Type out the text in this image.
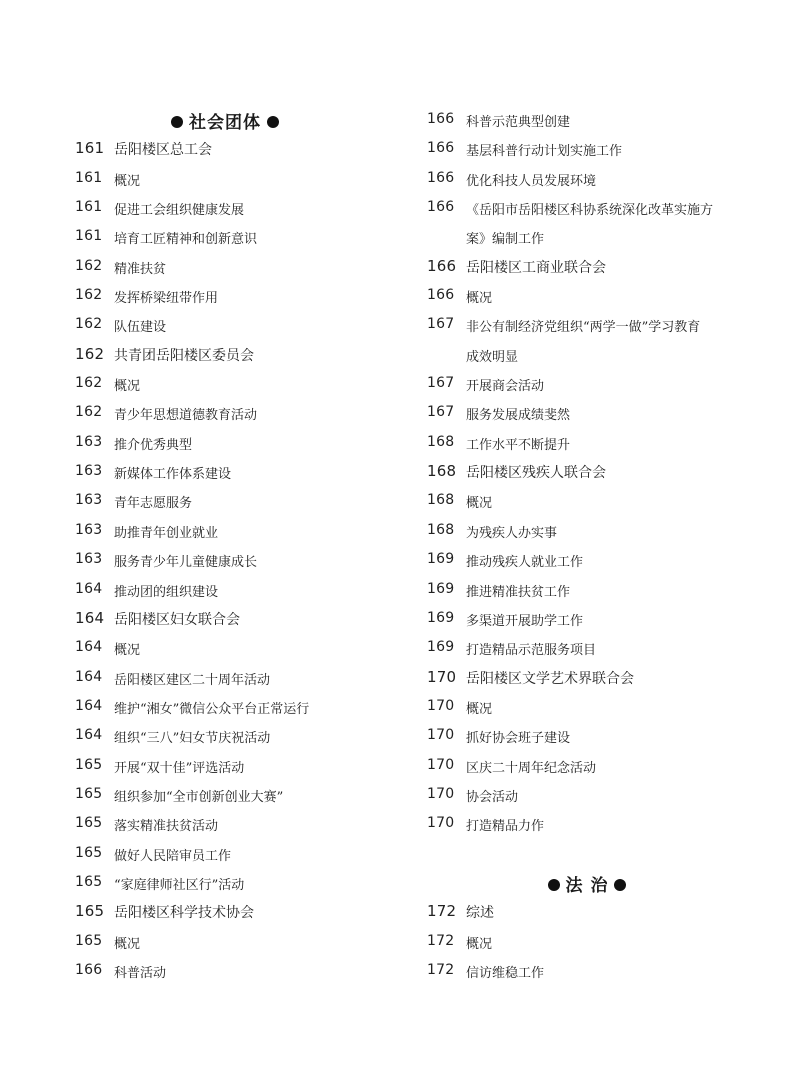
社会团体
161 岳阳楼区总工会
161 概况
161 促进工会组织健康发展
161 培育工匠精神和创新意识
162 精准扶贫
162 发挥桥梁纽带作用
162 队伍建设
162 共青团岳阳楼区委员会
162 概况
162 青少年思想道德教育活动
163 推介优秀典型
163 新媒体工作体系建设
163 青年志愿服务
163 助推青年创业就业
163 服务青少年儿童健康成长
164 推动团的组织建设
164 岳阳楼区妇女联合会
164 概况
164 岳阳楼区建区二十周年活动
164 维护“湘女”微信公众平台正常运行
164 组织“三八”妇女节庆祝活动
165 开展“双十佳”评选活动
165 组织参加“全市创新创业大赛”
165 落实精准扶贫活动
165 做好人民陪审员工作
165 “家庭律师社区行”活动
165 岳阳楼区科学技术协会
165 概况
166 科普活动
166 科普示范典型创建
166 基层科普行动计划实施工作
166 优化科技人员发展环境
166 《岳阳市岳阳楼区科协系统深化改革实施方
案》编制工作
166 岳阳楼区工商业联合会
166 概况
167 非公有制经济党组织“两学一做”学习教育
成效明显
167 开展商会活动
167 服务发展成绩斐然
168 工作水平不断提升
168 岳阳楼区残疾人联合会
168 概况
168 为残疾人办实事
169 推动残疾人就业工作
169 推进精准扶贫工作
169 多渠道开展助学工作
169 打造精品示范服务项目
170 岳阳楼区文学艺术界联合会
170 概况
170 抓好协会班子建设
170 区庆二十周年纪念活动
170 协会活动
170 打造精品力作
法 治
172 综述
172 概况
172 信访维稳工作
